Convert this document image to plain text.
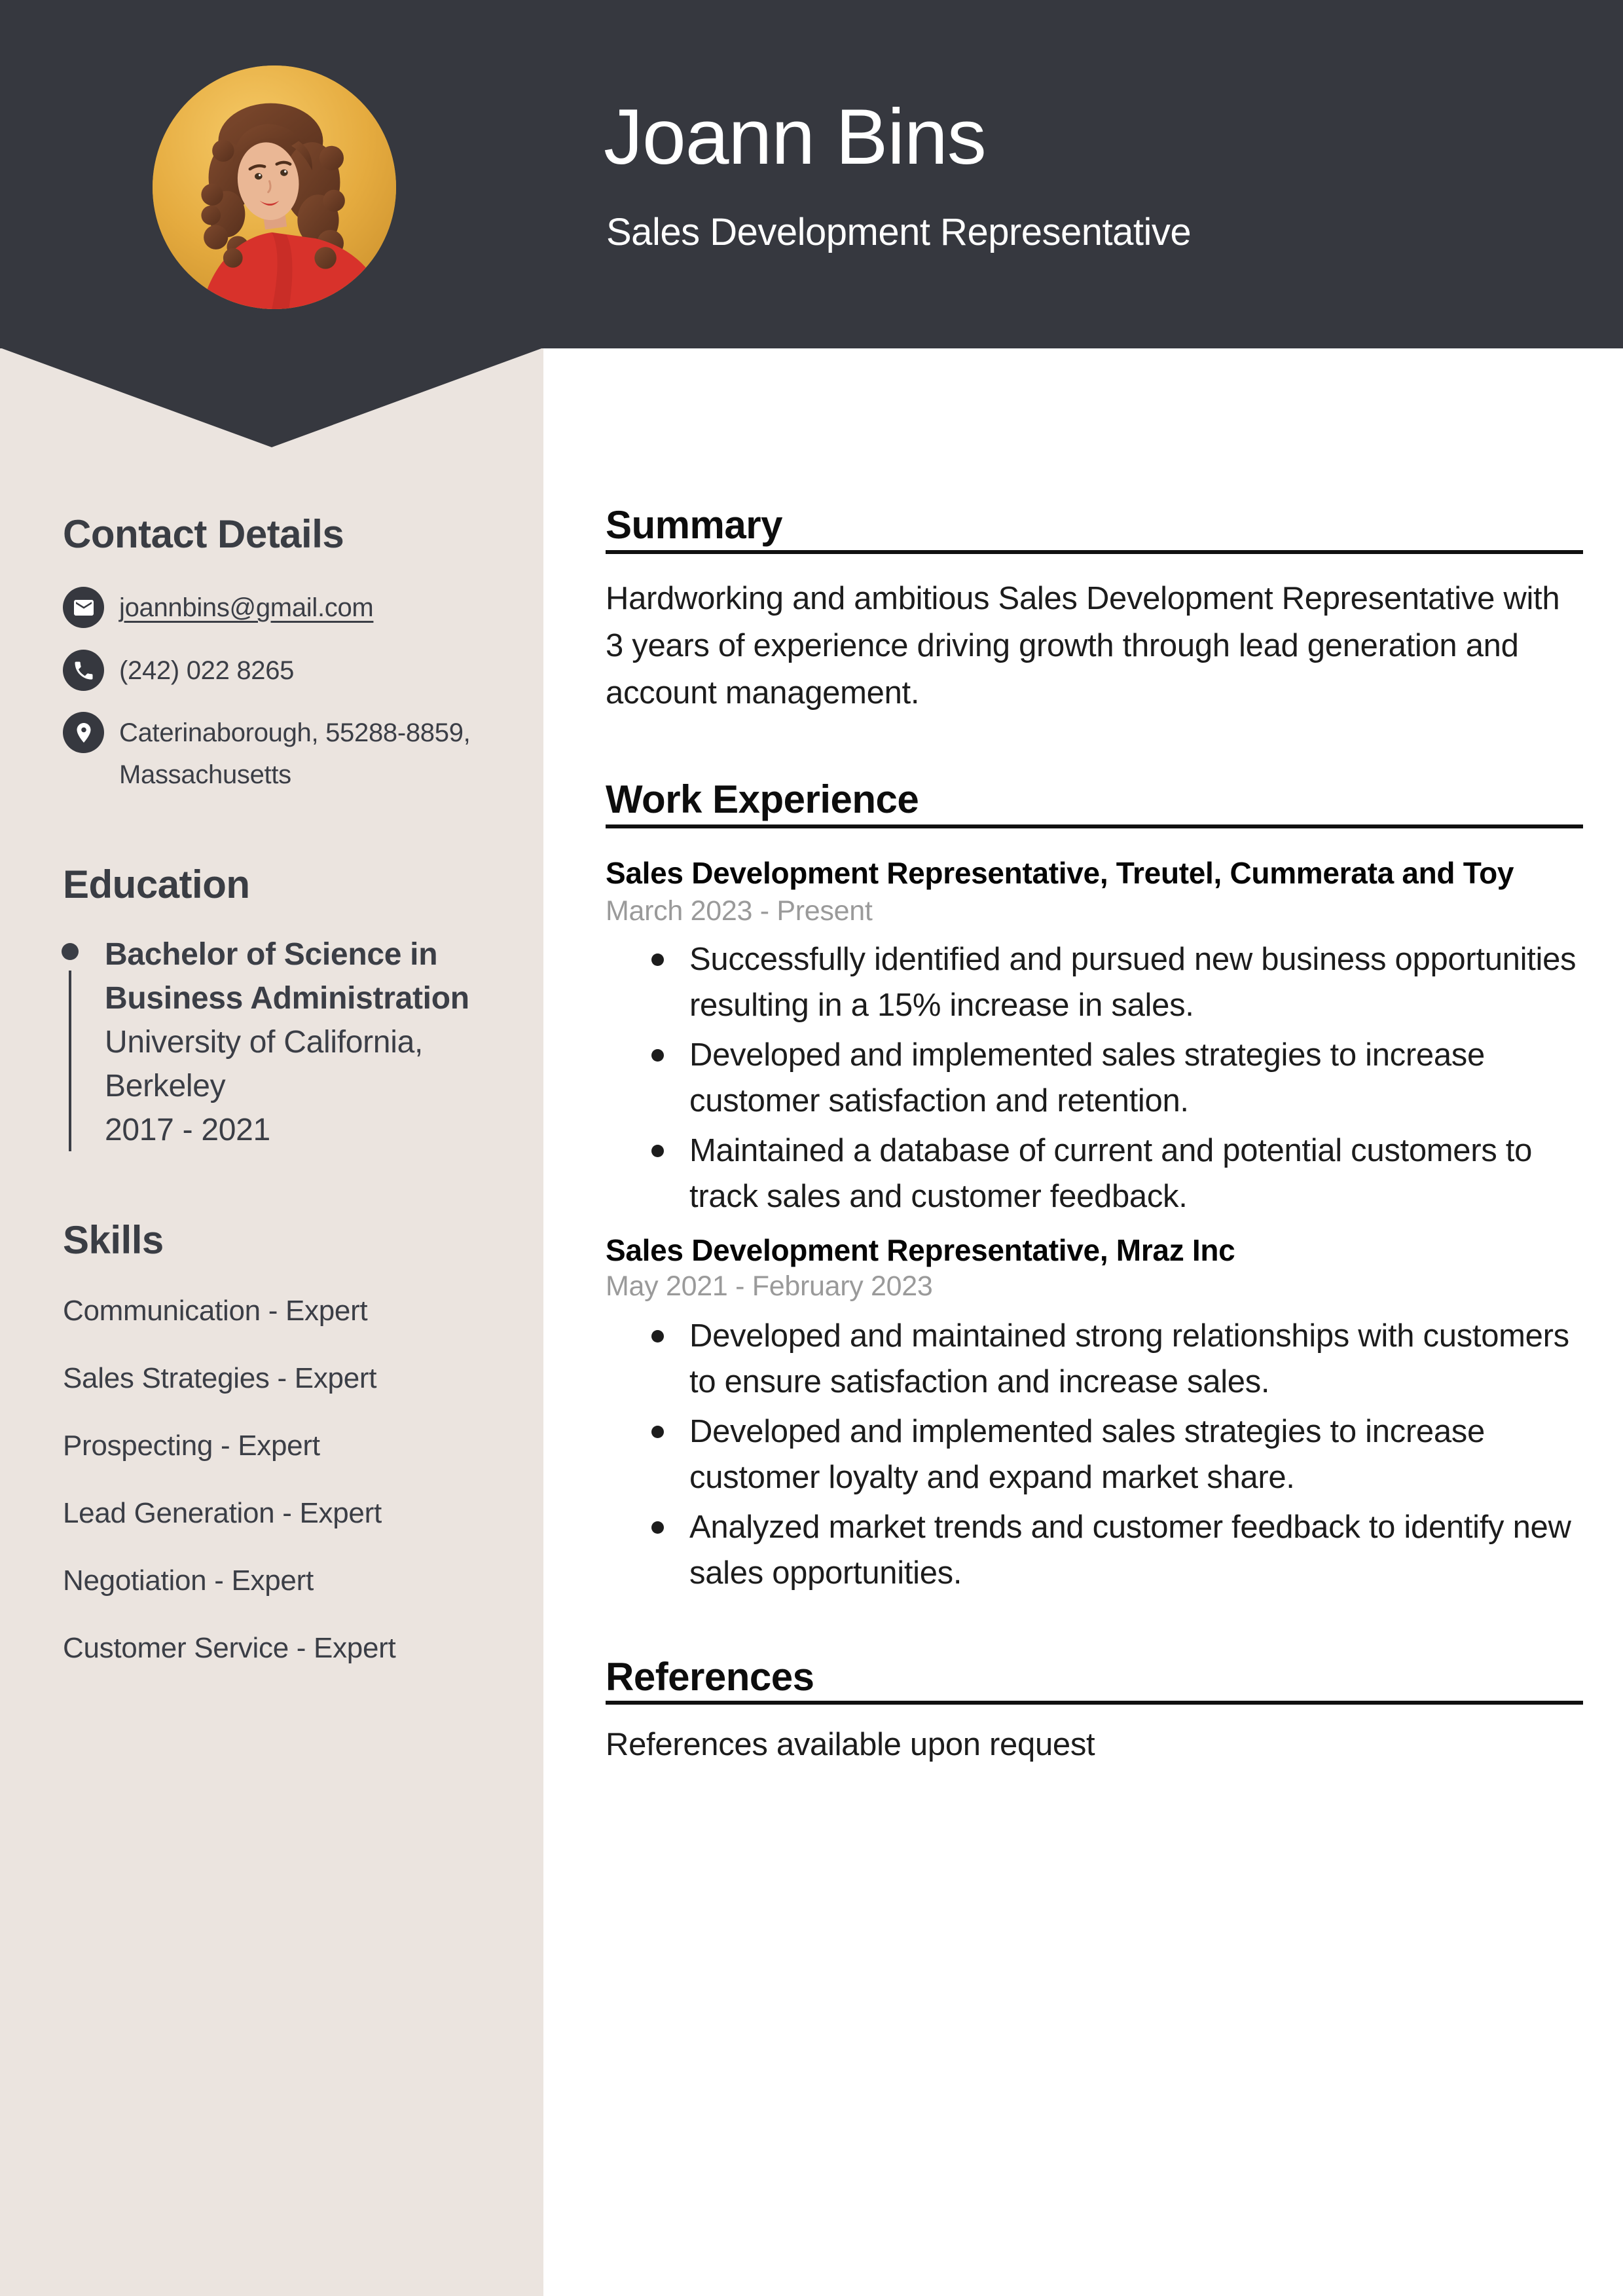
Joann Bins
Sales Development Representative
Contact Details
joannbins@gmail.com
(242) 022 8265
Caterinaborough, 55288-8859,
Massachusetts
Education
Bachelor of Science in Business Administration
University of California, Berkeley
2017 - 2021
Skills
Communication - Expert
Sales Strategies - Expert
Prospecting - Expert
Lead Generation - Expert
Negotiation - Expert
Customer Service - Expert
Summary
Hardworking and ambitious Sales Development Representative with 3 years of experience driving growth through lead generation and account management.
Work Experience
Sales Development Representative, Treutel, Cummerata and Toy
March 2023 - Present
Successfully identified and pursued new business opportunities resulting in a 15% increase in sales.
Developed and implemented sales strategies to increase customer satisfaction and retention.
Maintained a database of current and potential customers to track sales and customer feedback.
Sales Development Representative, Mraz Inc
May 2021 - February 2023
Developed and maintained strong relationships with customers to ensure satisfaction and increase sales.
Developed and implemented sales strategies to increase customer loyalty and expand market share.
Analyzed market trends and customer feedback to identify new sales opportunities.
References
References available upon request
